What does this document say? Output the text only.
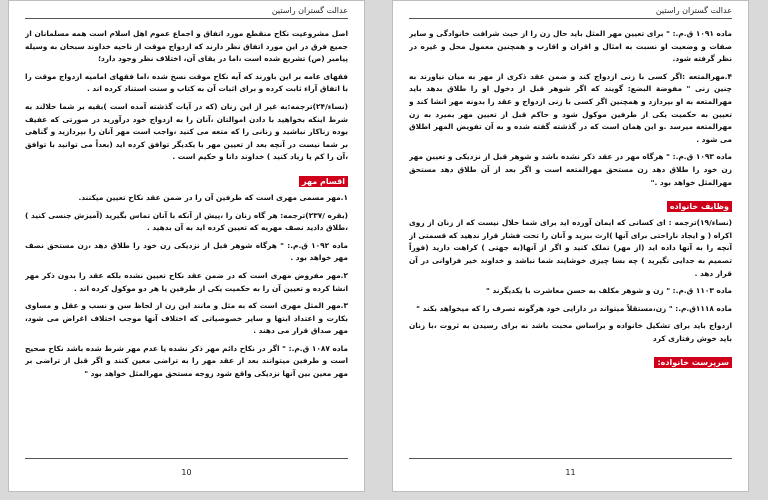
عدالت گستران راستین

اصل مشروعیت نکاح منقطع مورد اتفاق و اجماع عموم اهل اسلام است همه مسلمانان از جمیع فرق در این مورد اتفاق نظر دارند که ازدواج موقت از ناحیه خداوند سبحان به وسیله پیامبر (ص) تشریع شده است ،اما در بقای آن، اختلاف نظر وجود دارد؛

فقهای عامه بر این باورند که آیه نکاح موقت نسخ شده ،اما فقهای امامیه ازدواج موقت را با اتفاق آراء ثابت کرده و برای اثبات آن به کتاب و سنت استناد کرده اند .

(نساء/۲۴)ترجمه:به غیر از این زنان (که در آیات گذشته آمده است )بقیه بر شما حلالند به شرط اینکه بخواهید با دادن اموالتان ،آنان را به ازدواج خود درآورید در صورتی که عفیف بوده زناکار نباشید و زنانی را که متعه می کنید ،واجب است مهر آنان را بپردازید و گناهی بر شما نیست در آنچه بعد از تعیین مهر با یکدیگر توافق کرده اید (بعداً می توانید با توافق ،آن را کم یا زیاد کنید ) خداوند دانا و حکیم است .

اقسام مهر

۱.مهر مسمی مهری است که طرفین آن را در ضمن عقد نکاح تعیین میکنند.

(بقره /۲۳۷)ترجمه: هر گاه زنان را ،پیش از آنکه با آنان تماس بگیرید (آمیزش جنسی کنید ) ،طلاق دادید نصف مهریه که تعیین کرده اید به آن بدهید .

ماده ۱۰۹۲ ق.م.: " هرگاه شوهر قبل از نزدیکی زن خود را طلاق دهد ،زن مستحق نصف مهر خواهد بود .

۲.مهر مفروض مهری است که در ضمن عقد نکاح تعیین نشده بلکه عقد را بدون ذکر مهر انشا کرده و تعیین آن را به حکمیت یکی از طرفین یا هر دو موکول کرده اند .

۳.مهر المثل مهری است که به مثل و مانند این زن از لحاظ سن و نسب و عقل و مساوی بکارت و اعتداد ابنها و سایر خصوصیاتی که اختلاف آنها موجب اختلاف اغراض می شود، مهر صداق قرار می دهند .

ماده ۱۰۸۷ ق.م.: " اگر در نکاح دائم مهر ذکر نشده یا عدم مهر شرط شده باشد نکاح صحیح است و طرفین میتوانند بعد از عقد مهر را به تراضی معین کنند و اگر قبل از تراضی بر مهر معین بین آنها نزدیکی واقع شود زوجه مستحق مهرالمثل خواهد بود "

10
عدالت گستران راستین

ماده ۱۰۹۱ ق.م.: " برای تعیین مهر المثل باید حال زن را از حیث شرافت خانوادگی و سایر صفات و وضعیت او نسبت به امثال و اقران و اقارب و همچنین معمول محل و غیره در نظر گرفته شود.

۴.مهرالمتعه :اگر کسی با زنی ازدواج کند و ضمن عقد ذکری از مهر به میان نیاورند به چنین زنی " مفوضة البضع: گویند که اگر شوهر قبل از دخول او را طلاق بدهد باید مهرالمتعه به او بپردازد و همچنین اگر کسی با زنی ازدواج و عقد را بدونه مهر انشا کند و تعیین به حکمیت یکی از طرفین موکول شود و حاکم قبل از تعیین مهر بمیرد به زن مهرالمتعه میرسد .و این همان است که در گذشته گفته شده و به آن تفویض المهر اطلاق می شود .

ماده ۱۰۹۳ ق.م.: " هرگاه مهر در عقد ذکر نشده باشد و شوهر قبل از نزدیکی و تعیین مهر زن خود را طلاق دهد زن مستحق مهرالمتعه است و اگر بعد از آن طلاق دهد مستحق مهرالمثل خواهد بود ."

وظایف خانواده

(نساء/۱۹)ترجمه : ای کسانی که ایمان آورده اید برای شما حلال نیست که از زنان از روی اکراه ( و ایجاد ناراحتی برای آنها )ارث ببرید و آنان را تحت فشار قرار ندهید که قسمتی از آنچه را به آنها داده اید (از مهر) تملک کنید و اگر از آنها(به جهتی ) کراهت دارید (فوراً تصمیم به جدایی نگیرید ) چه بسا چیزی خوشایند شما نباشد و خداوند خیر فراوانی در آن قرار دهد .

ماده ۱۱۰۳ ق.م.: " زن و شوهر مکلف به حسن معاشرت با یکدیگرند "

ماده ۱۱۱۸ق.م.: " زن،مستقلاً میتواند در دارایی خود هرگونه تصرف را که میخواهد بکند "

ازدواج باید برای تشکیل خانواده و براساس محبت باشد نه برای رسیدن به ثروت ،با زنان باید خوش رفتاری کرد

سرپرست خانواده:
11
